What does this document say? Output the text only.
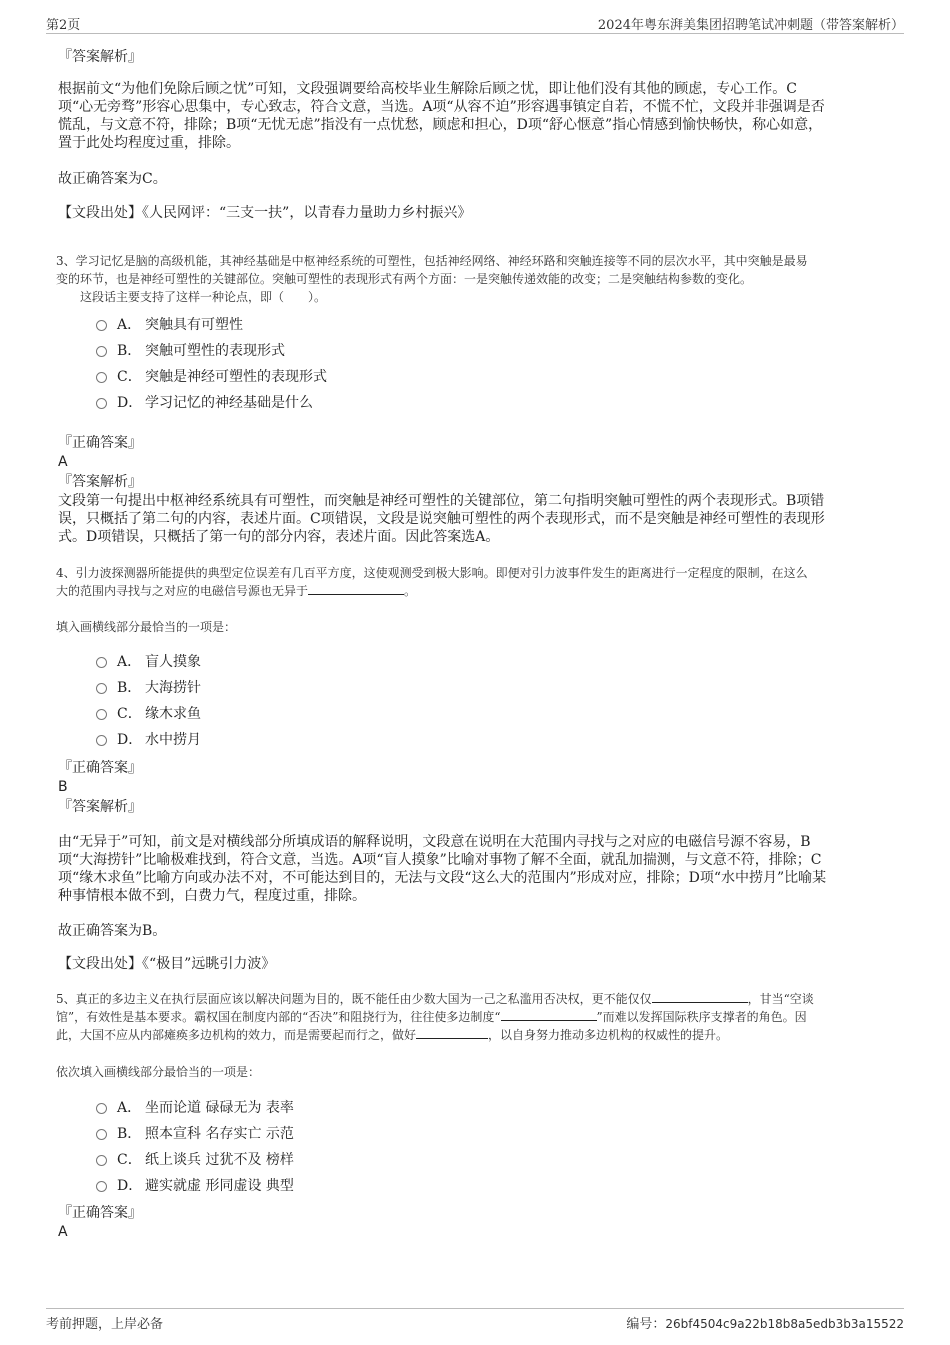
第2页	2024年粤东湃美集团招聘笔试冲刺题（带答案解析）
『答案解析』
根据前文“为他们免除后顾之忧”可知，文段强调要给高校毕业生解除后顾之忧，即让他们没有其他的顾虑，专心工作。C
项“心无旁骛”形容心思集中，专心致志，符合文意，当选。A项“从容不迫”形容遇事镇定自若，不慌不忙，文段并非强调是否
慌乱，与文意不符，排除；B项“无忧无虑”指没有一点忧愁，顾虑和担心，D项“舒心惬意”指心情感到愉快畅快，称心如意，
置于此处均程度过重，排除。
故正确答案为C。
【文段出处】《人民网评：“三支一扶”，以青春力量助力乡村振兴》
3、学习记忆是脑的高级机能，其神经基础是中枢神经系统的可塑性，包括神经网络、神经环路和突触连接等不同的层次水平，其中突触是最易
变的环节，也是神经可塑性的关键部位。突触可塑性的表现形式有两个方面：一是突触传递效能的改变；二是突触结构参数的变化。
这段话主要支持了这样一种论点，即（　　）。
A． 突触具有可塑性
B． 突触可塑性的表现形式
C． 突触是神经可塑性的表现形式
D． 学习记忆的神经基础是什么
『正确答案』
A
『答案解析』
文段第一句提出中枢神经系统具有可塑性，而突触是神经可塑性的关键部位，第二句指明突触可塑性的两个表现形式。B项错
误，只概括了第二句的内容，表述片面。C项错误，文段是说突触可塑性的两个表现形式，而不是突触是神经可塑性的表现形
式。D项错误，只概括了第一句的部分内容，表述片面。因此答案选A。
4、引力波探测器所能提供的典型定位误差有几百平方度，这使观测受到极大影响。即便对引力波事件发生的距离进行一定程度的限制，在这么
大的范围内寻找与之对应的电磁信号源也无异于	。
填入画横线部分最恰当的一项是：
A． 盲人摸象
B． 大海捞针
C． 缘木求鱼
D． 水中捞月
『正确答案』
B
『答案解析』
由“无异于”可知，前文是对横线部分所填成语的解释说明，文段意在说明在大范围内寻找与之对应的电磁信号源不容易，B
项“大海捞针”比喻极难找到，符合文意，当选。A项“盲人摸象”比喻对事物了解不全面，就乱加揣测，与文意不符，排除；C
项“缘木求鱼”比喻方向或办法不对，不可能达到目的，无法与文段“这么大的范围内”形成对应，排除；D项“水中捞月”比喻某
种事情根本做不到，白费力气，程度过重，排除。
故正确答案为B。
【文段出处】《“极目”远眺引力波》
5、真正的多边主义在执行层面应该以解决问题为目的，既不能任由少数大国为一己之私滥用否决权，更不能仅仅	，甘当“空谈
馆”，有效性是基本要求。霸权国在制度内部的“否决”和阻挠行为，往往使多边制度“	”而难以发挥国际秩序支撑者的角色。因
此，大国不应从内部瘫痪多边机构的效力，而是需要起而行之，做好	，以自身努力推动多边机构的权威性的提升。
依次填入画横线部分最恰当的一项是：
A． 坐而论道 碌碌无为 表率
B． 照本宣科 名存实亡 示范
C． 纸上谈兵 过犹不及 榜样
D． 避实就虚 形同虚设 典型
『正确答案』
A
考前押题，上岸必备	编号：26bf4504c9a22b18b8a5edb3b3a15522
